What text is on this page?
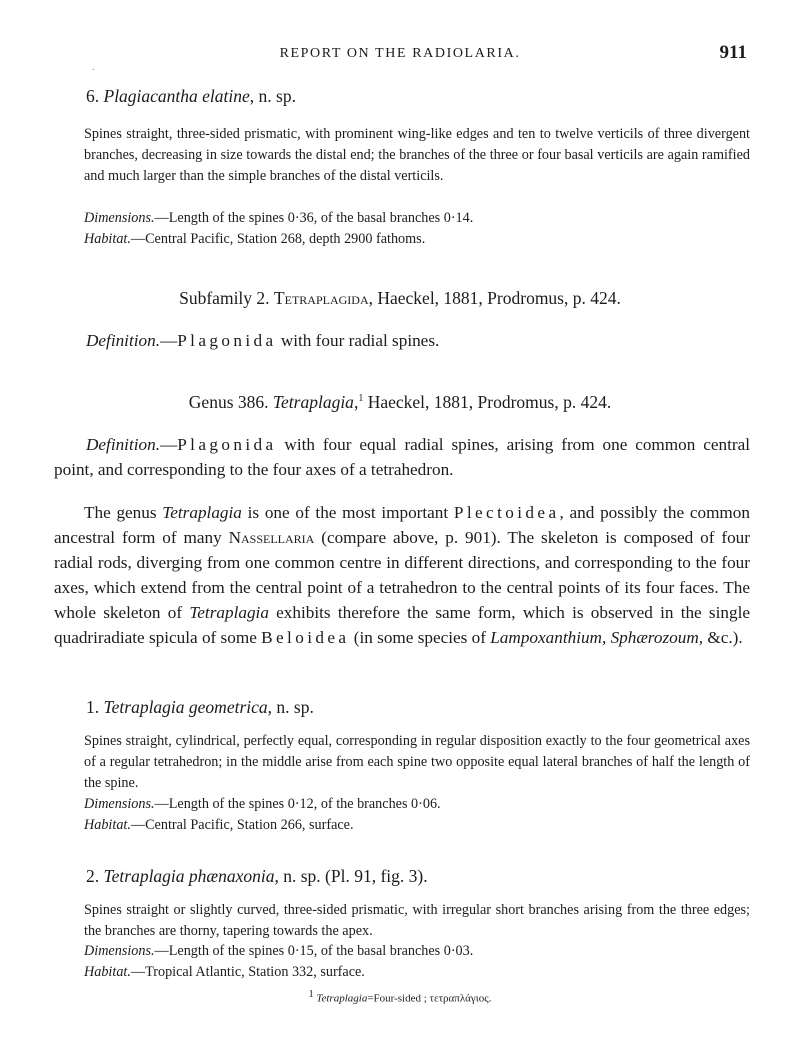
REPORT ON THE RADIOLARIA.	911
.
6. Plagiacantha elatine, n. sp.
Spines straight, three-sided prismatic, with prominent wing-like edges and ten to twelve verticils of three divergent branches, decreasing in size towards the distal end; the branches of the three or four basal verticils are again ramified and much larger than the simple branches of the distal verticils.
Dimensions.—Length of the spines 0·36, of the basal branches 0·14.
Habitat.—Central Pacific, Station 268, depth 2900 fathoms.
Subfamily 2. Tetraplagida, Haeckel, 1881, Prodromus, p. 424.
Definition.—Plagonida with four radial spines.
Genus 386. Tetraplagia,$^1$ Haeckel, 1881, Prodromus, p. 424.
Definition.—Plagonida with four equal radial spines, arising from one common central point, and corresponding to the four axes of a tetrahedron.
The genus Tetraplagia is one of the most important Plectoidea, and possibly the common ancestral form of many Nassellaria (compare above, p. 901). The skeleton is composed of four radial rods, diverging from one common centre in different directions, and corresponding to the four axes, which extend from the central point of a tetrahedron to the central points of its four faces. The whole skeleton of Tetraplagia exhibits therefore the same form, which is observed in the single quadriradiate spicula of some Beloidea (in some species of Lampoxanthium, Sphærozoum, &c.).
1. Tetraplagia geometrica, n. sp.
Spines straight, cylindrical, perfectly equal, corresponding in regular disposition exactly to the four geometrical axes of a regular tetrahedron; in the middle arise from each spine two opposite equal lateral branches of half the length of the spine.
Dimensions.—Length of the spines 0·12, of the branches 0·06.
Habitat.—Central Pacific, Station 266, surface.
2. Tetraplagia phænaxonia, n. sp. (Pl. 91, fig. 3).
Spines straight or slightly curved, three-sided prismatic, with irregular short branches arising from the three edges; the branches are thorny, tapering towards the apex.
Dimensions.—Length of the spines 0·15, of the basal branches 0·03.
Habitat.—Tropical Atlantic, Station 332, surface.
1 Tetraplagia=Four-sided ; τετραπλάγιος.
